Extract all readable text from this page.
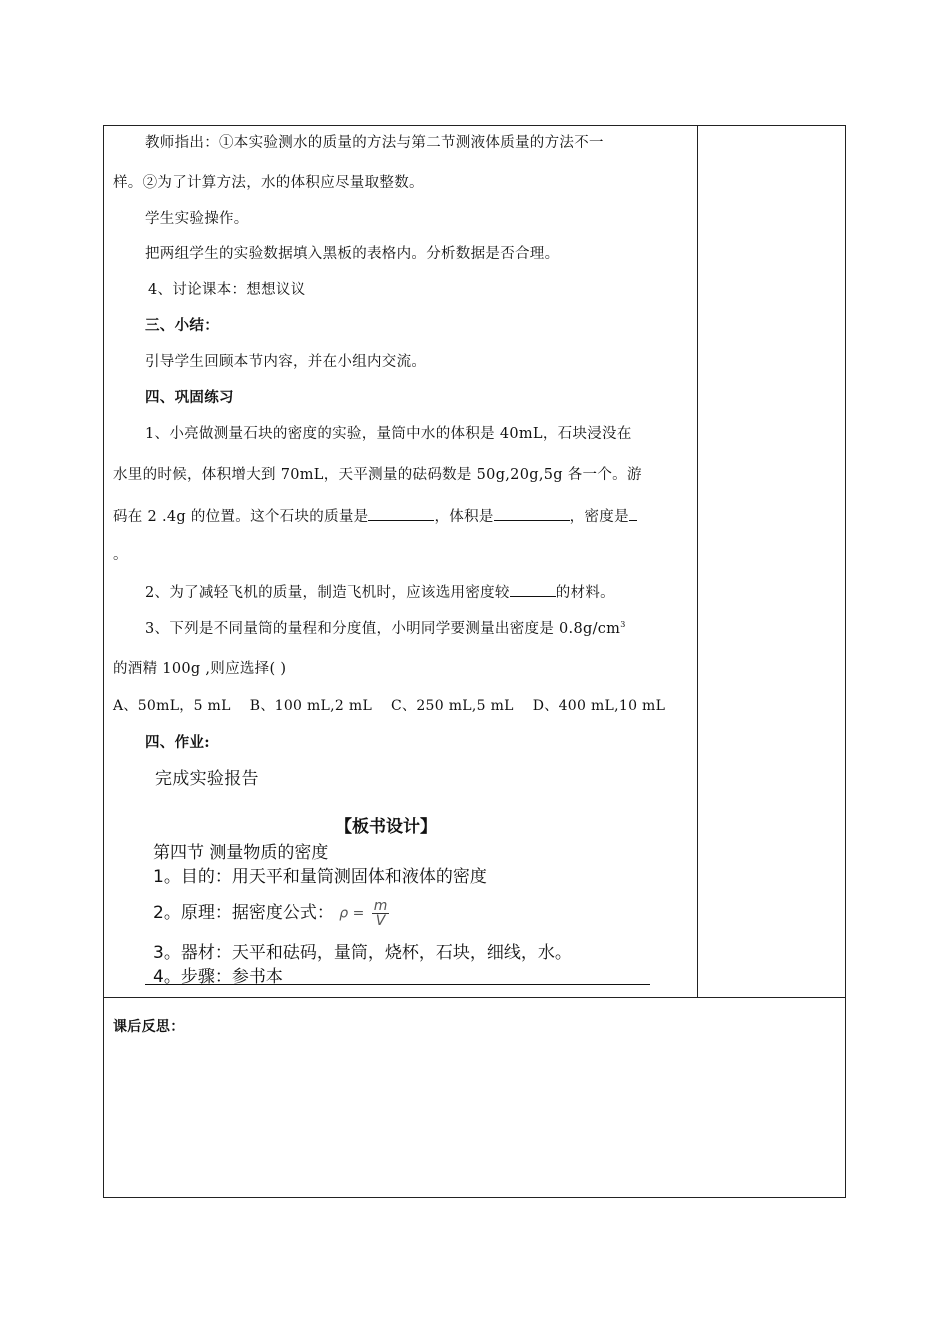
教师指出：①本实验测水的质量的方法与第二节测液体质量的方法不一
样。②为了计算方法，水的体积应尽量取整数。
学生实验操作。
把两组学生的实验数据填入黑板的表格内。分析数据是否合理。
4、讨论课本：想想议议
三、小结：
引导学生回顾本节内容，并在小组内交流。
四、巩固练习
1、小亮做测量石块的密度的实验，量筒中水的体积是 40mL，石块浸没在
水里的时候，体积增大到 70mL，天平测量的砝码数是 50g,20g,5g 各一个。游
码在 2 .4g 的位置。这个石块的质量是	，体积是	，密度是
。
2、为了减轻飞机的质量，制造飞机时，应该选用密度较	的材料。
3、下列是不同量筒的量程和分度值，小明同学要测量出密度是 $0.8g/cm^3$
的酒精 100g ,则应选择( )
A、50mL，5 mL    B、100 mL,2 mL    C、250 mL,5 mL    D、400 mL,10 mL
四、作业:
完成实验报告
【板书设计】
第四节 测量物质的密度
1。目的：用天平和量筒测固体和液体的密度
2。原理：据密度公式： $\rho = \frac{m}{V}$
3。器材：天平和砝码，量筒，烧杯，石块，细线，水。
4。步骤：参书本
课后反思：
